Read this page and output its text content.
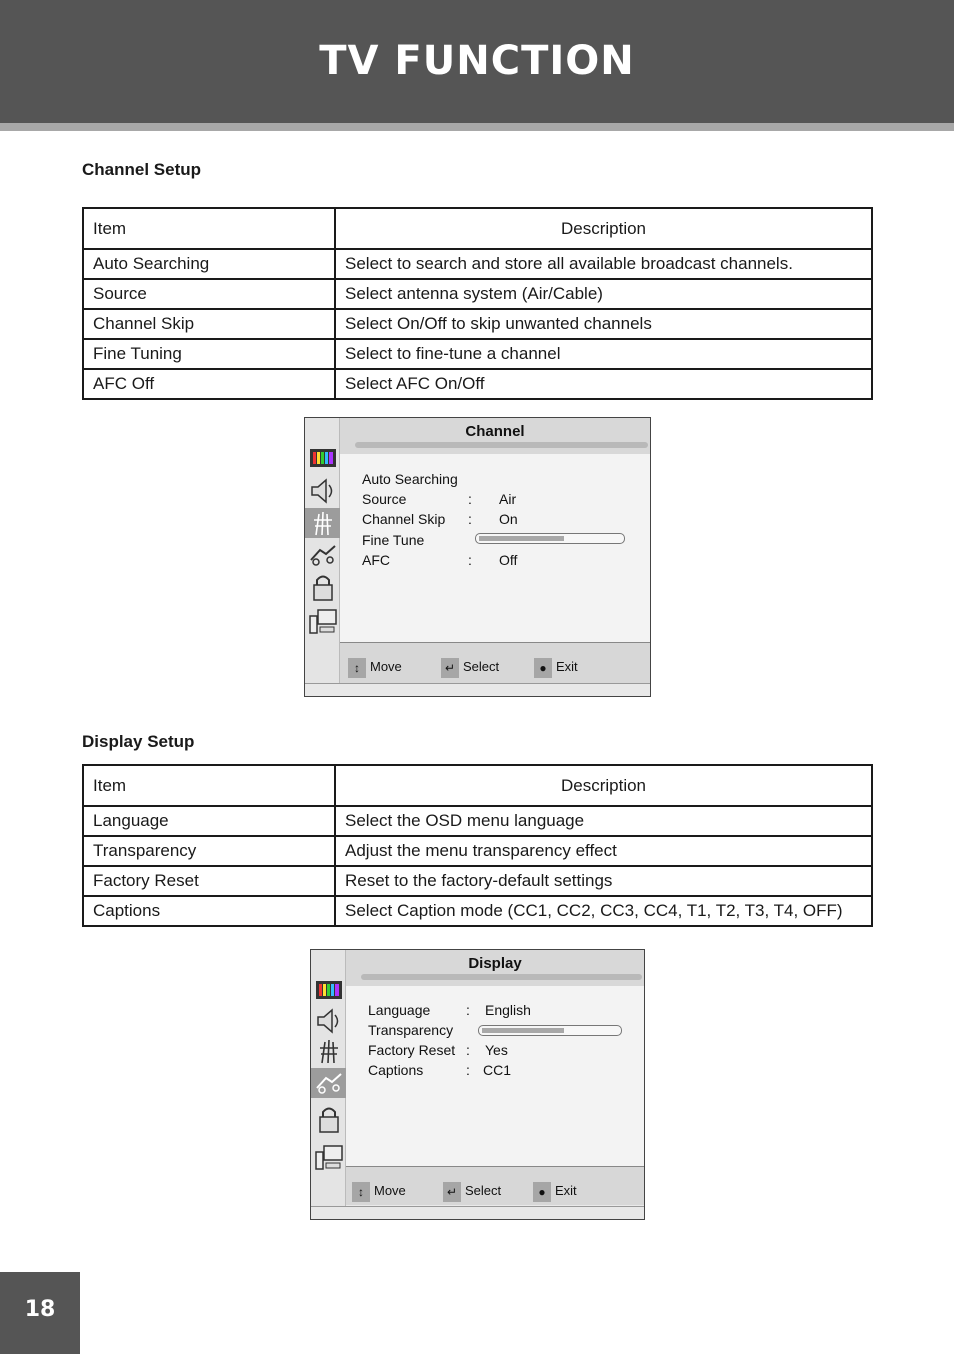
TV FUNCTION
Channel Setup
Item	Description
Auto Searching	Select to search and store all available broadcast channels.
Source	Select antenna system (Air/Cable)
Channel Skip	Select On/Off to skip unwanted channels
Fine Tuning	Select to fine-tune a channel
AFC Off	Select AFC On/Off
Channel
Auto Searching
Source	: Air
Channel Skip : On
Fine Tune
AFC	: Off
↕ Move	↵ Select	● Exit
Display Setup
Item	Description
Language	Select the OSD menu language
Transparency	Adjust the menu transparency effect
Factory Reset	Reset to the factory-default settings
Captions	Select Caption mode (CC1, CC2, CC3, CC4, T1, T2, T3, T4, OFF)
Display
Language	: English
Transparency
Factory Reset : Yes
Captions	: CC1
↕ Move	↵ Select	● Exit
18
